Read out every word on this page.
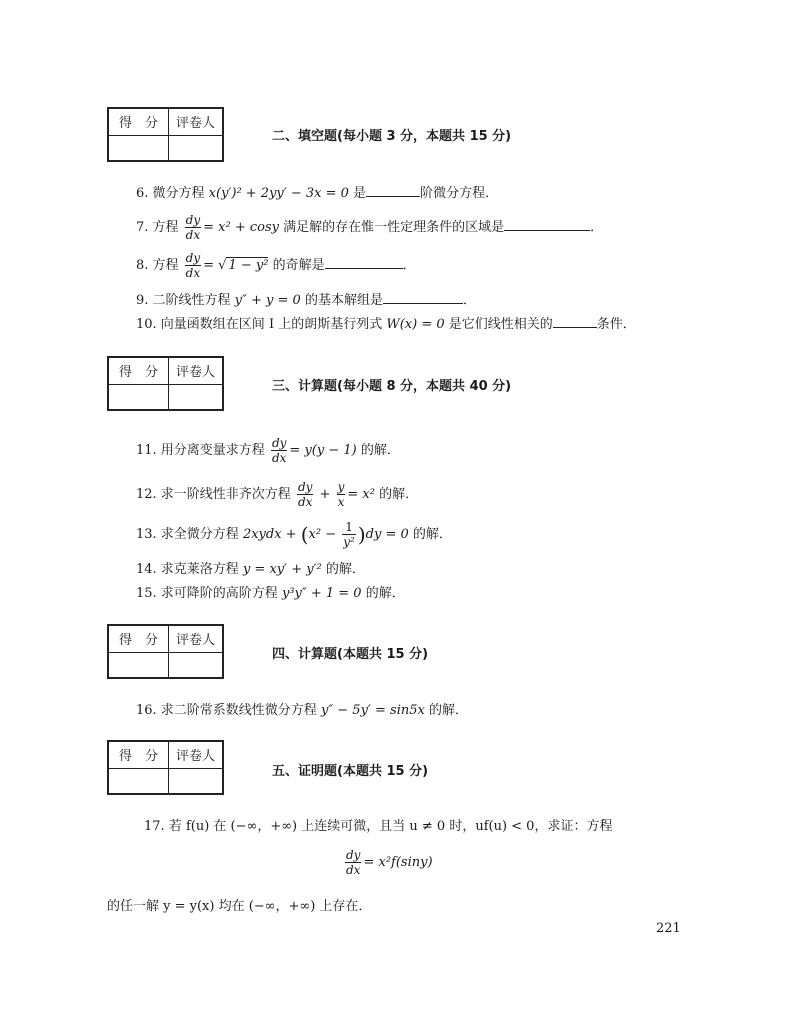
得　分 评卷人
二、填空题(每小题 3 分，本题共 15 分)
6. 微分方程 x(y′)² + 2yy′ − 3x = 0 是	阶微分方程．
7. 方程 $\frac{dy}{dx} = x^2 + \cos y$ 满足解的存在惟一性定理条件的区域是	．
8. 方程 $\frac{dy}{dx}$ = √ 1 − y² 的奇解是	．
9. 二阶线性方程 y″ + y = 0 的基本解组是	．
10. 向量函数组在区间 I 上的朗斯基行列式 W(x) = 0 是它们线性相关的	条件．
得　分 评卷人
三、计算题(每小题 8 分，本题共 40 分)
11. 用分离变量求方程 $\frac{dy}{dx} = y(y - 1)$ 的解．
12. 求一阶线性非齐次方程 $\frac{dy}{dx} + \frac{y}{x} = x^2$ 的解．
13. 求全微分方程 2xydx + $(x^2 - \frac{1}{\text{y²}} )dy = 0$ 的解．
14. 求克莱洛方程 y = xy′ + y′² 的解．
15. 求可降阶的高阶方程 y³y″ + 1 = 0 的解．
得　分 评卷人
四、计算题(本题共 15 分)
16. 求二阶常系数线性微分方程 y″ − 5y′ = sin5x 的解．
得　分 评卷人
五、证明题(本题共 15 分)
17. 若 f(u) 在 (−∞，+∞) 上连续可微，且当 u ≠ 0 时，uf(u) < 0，求证：方程
$\frac{dy}{dx} = x^2f(\sin y)$
的任一解 y = y(x) 均在 (−∞，+∞) 上存在．
221
